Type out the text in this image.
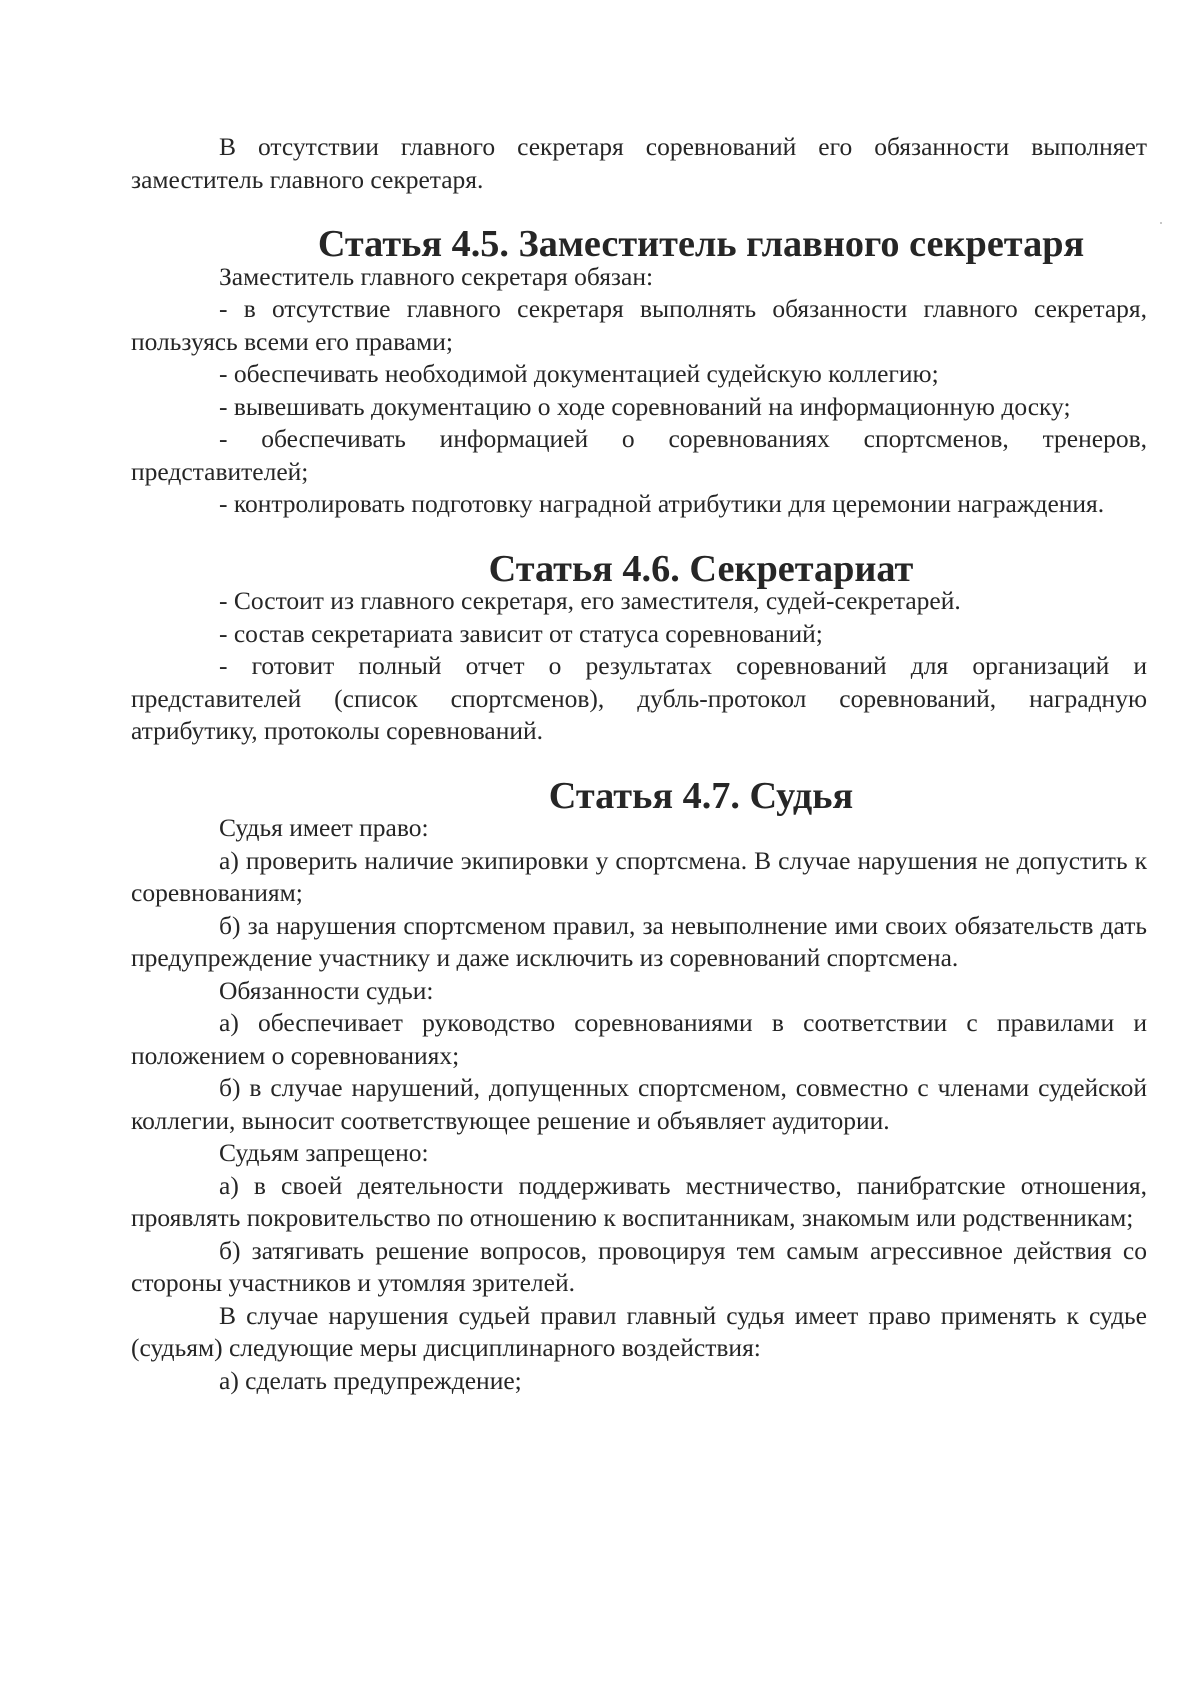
В отсутствии главного секретаря соревнований его обязанности выполняет заместитель главного секретаря.

Статья 4.5. Заместитель главного секретаря

Заместитель главного секретаря обязан:

- в отсутствие главного секретаря выполнять обязанности главного секретаря, пользуясь всеми его правами;

- обеспечивать необходимой документацией судейскую коллегию;

- вывешивать документацию о ходе соревнований на информационную доску;

- обеспечивать информацией о соревнованиях спортсменов, тренеров, представителей;

- контролировать подготовку наградной атрибутики для церемонии награждения.

Статья 4.6. Секретариат

- Состоит из главного секретаря, его заместителя, судей-секретарей.

- состав секретариата зависит от статуса соревнований;

- готовит полный отчет о результатах соревнований для организаций и представителей (список спортсменов), дубль-протокол соревнований, наградную атрибутику, протоколы соревнований.

Статья 4.7. Судья

Судья имеет право:

а) проверить наличие экипировки у спортсмена. В случае нарушения не допустить к соревнованиям;

б) за нарушения спортсменом правил, за невыполнение ими своих обязательств дать предупреждение участнику и даже исключить из соревнований спортсмена.

Обязанности судьи:

а) обеспечивает руководство соревнованиями в соответствии с правилами и положением о соревнованиях;

б) в случае нарушений, допущенных спортсменом, совместно с членами судейской коллегии, выносит соответствующее решение и объявляет аудитории.

Судьям запрещено:

а) в своей деятельности поддерживать местничество, панибратские отношения, проявлять покровительство по отношению к воспитанникам, знакомым или родственникам;

б) затягивать решение вопросов, провоцируя тем самым агрессивное действия со стороны участников и утомляя зрителей.

В случае нарушения судьей правил главный судья имеет право применять к судье (судьям) следующие меры дисциплинарного воздействия:

а) сделать предупреждение;
